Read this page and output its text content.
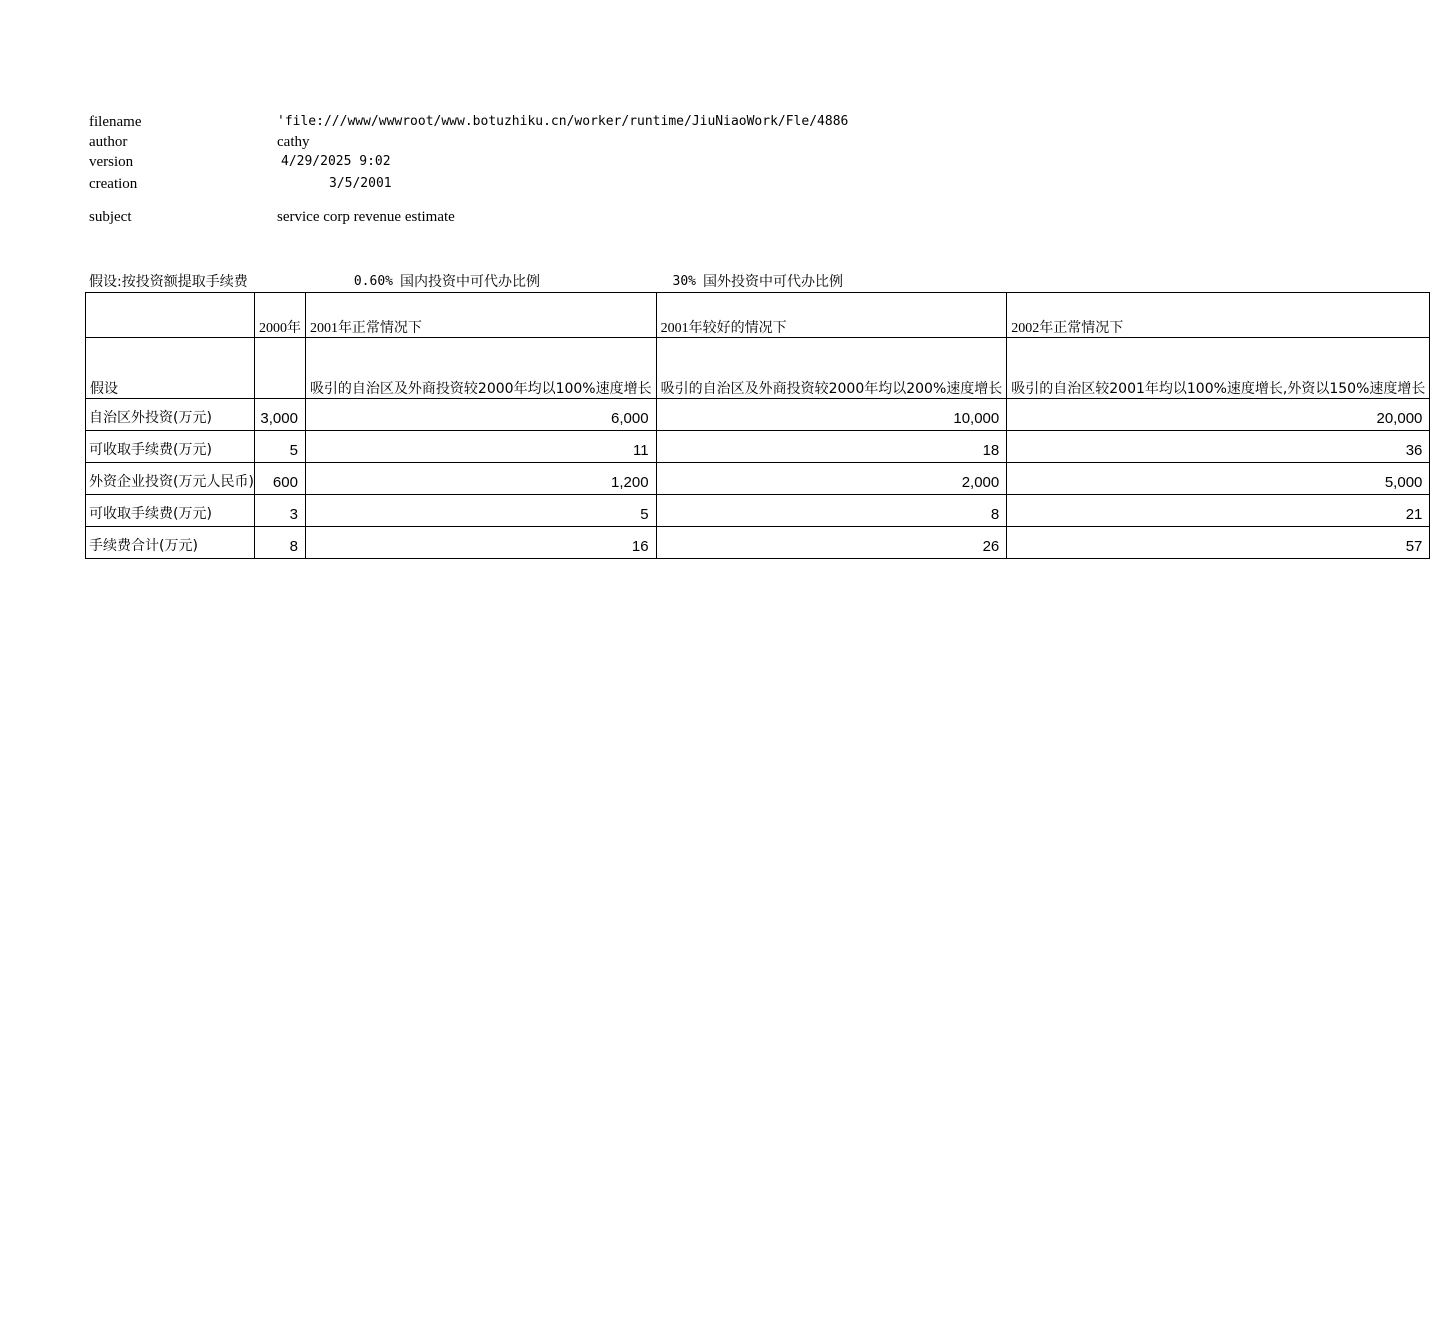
filename	'file:///www/wwwroot/www.botuzhiku.cn/worker/runtime/JiuNiaoWork/Fle/4886
author	cathy
version	4/29/2025 9:02
creation	3/5/2001
subject	service corp revenue estimate
假设:按投资额提取手续费	0.60% 国内投资中可代办比例	30% 国外投资中可代办比例
	2000年	2001年正常情况下	2001年较好的情况下	2002年正常情况下
假设		吸引的自治区及外商投资较2000年均以100%速度增长	吸引的自治区及外商投资较2000年均以200%速度增长	吸引的自治区较2001年均以100%速度增长,外资以150%速度增长
自治区外投资(万元)	3,000	6,000	10,000	20,000
可收取手续费(万元)	5	11	18	36
外资企业投资(万元人民币)	600	1,200	2,000	5,000
可收取手续费(万元)	3	5	8	21
手续费合计(万元)	8	16	26	57
